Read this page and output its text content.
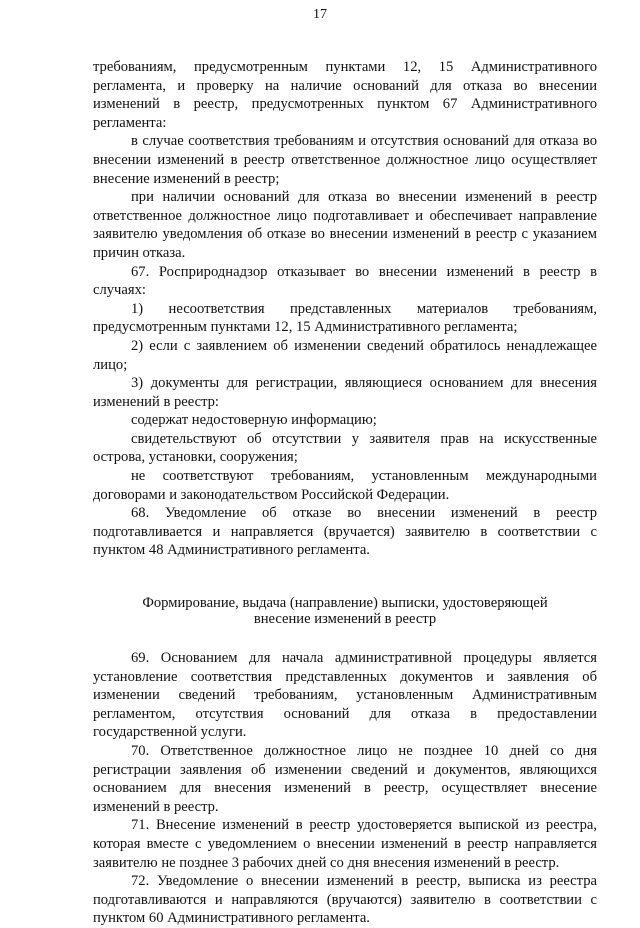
17

требованиям, предусмотренным пунктами 12, 15 Административного регламента, и проверку на наличие оснований для отказа во внесении изменений в реестр, предусмотренных пунктом 67 Административного регламента:

в случае соответствия требованиям и отсутствия оснований для отказа во внесении изменений в реестр ответственное должностное лицо осуществляет внесение изменений в реестр;

при наличии оснований для отказа во внесении изменений в реестр ответственное должностное лицо подготавливает и обеспечивает направление заявителю уведомления об отказе во внесении изменений в реестр с указанием причин отказа.

67. Росприроднадзор отказывает во внесении изменений в реестр в случаях:

1) несоответствия представленных материалов требованиям, предусмотренным пунктами 12, 15 Административного регламента;

2) если с заявлением об изменении сведений обратилось ненадлежащее лицо;

3) документы для регистрации, являющиеся основанием для внесения изменений в реестр:

содержат недостоверную информацию;

свидетельствуют об отсутствии у заявителя прав на искусственные острова, установки, сооружения;

не соответствуют требованиям, установленным международными договорами и законодательством Российской Федерации.

68. Уведомление об отказе во внесении изменений в реестр подготавливается и направляется (вручается) заявителю в соответствии с пунктом 48 Административного регламента.

Формирование, выдача (направление) выписки, удостоверяющей
внесение изменений в реестр

69. Основанием для начала административной процедуры является установление соответствия представленных документов и заявления об изменении сведений требованиям, установленным Административным регламентом, отсутствия оснований для отказа в предоставлении государственной услуги.

70. Ответственное должностное лицо не позднее 10 дней со дня регистрации заявления об изменении сведений и документов, являющихся основанием для внесения изменений в реестр, осуществляет внесение изменений в реестр.

71. Внесение изменений в реестр удостоверяется выпиской из реестра, которая вместе с уведомлением о внесении изменений в реестр направляется заявителю не позднее 3 рабочих дней со дня внесения изменений в реестр.

72. Уведомление о внесении изменений в реестр, выписка из реестра подготавливаются и направляются (вручаются) заявителю в соответствии с пунктом 60 Административного регламента.
